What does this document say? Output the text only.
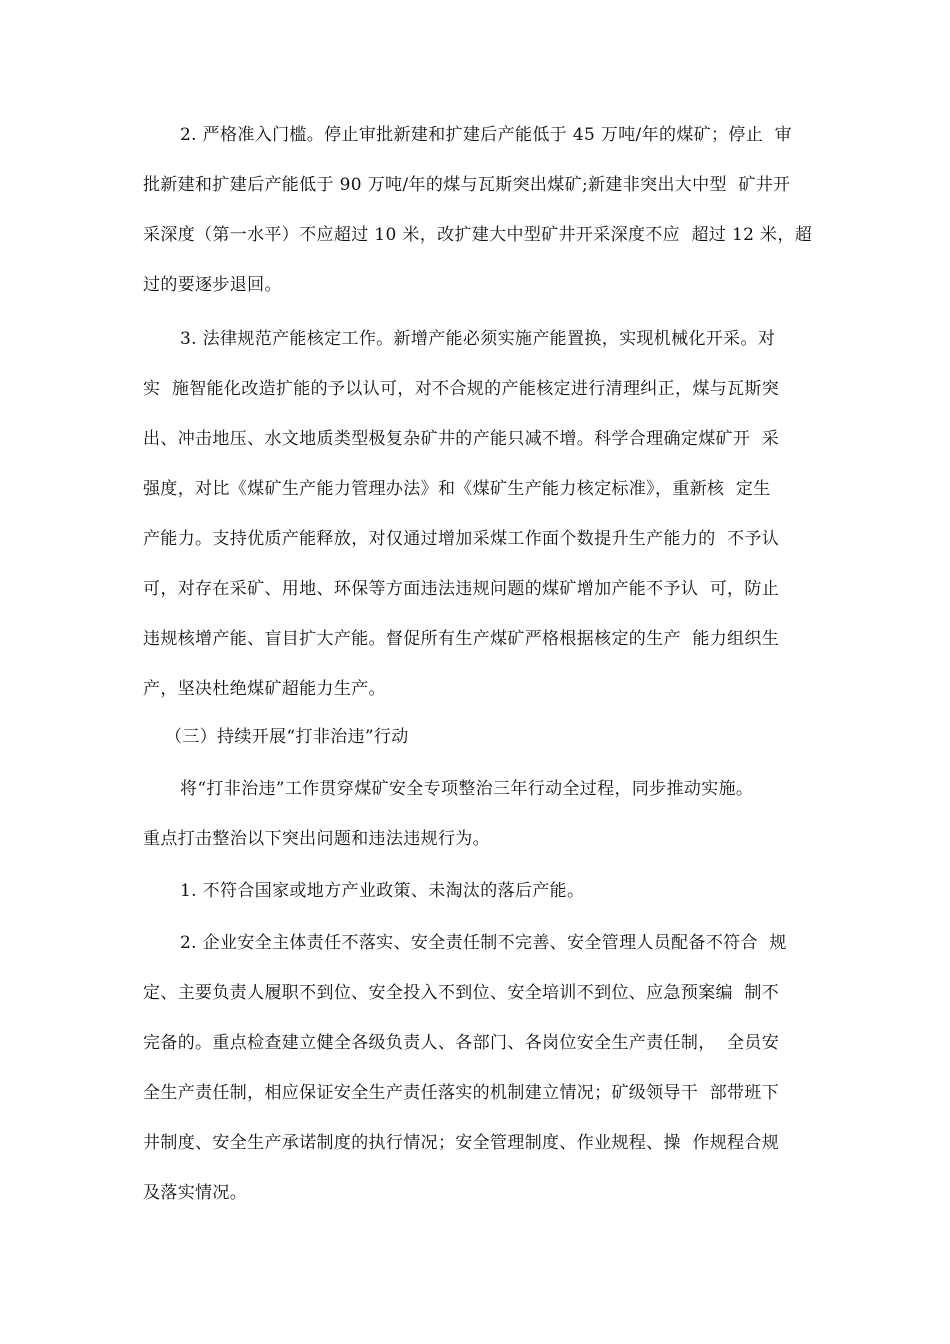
2. 严格准入门槛。停止审批新建和扩建后产能低于 45 万吨/年的煤矿；停止  审
批新建和扩建后产能低于 90 万吨/年的煤与瓦斯突出煤矿;新建非突出大中型  矿井开
采深度（第一水平）不应超过 10 米，改扩建大中型矿井开采深度不应  超过 12 米，超
过的要逐步退回。
3. 法律规范产能核定工作。新增产能必须实施产能置换，实现机械化开采。对
实  施智能化改造扩能的予以认可，对不合规的产能核定进行清理纠正，煤与瓦斯突
出、冲击地压、水文地质类型极复杂矿井的产能只减不增。科学合理确定煤矿开  采
强度，对比《煤矿生产能力管理办法》和《煤矿生产能力核定标准》，重新核  定生
产能力。支持优质产能释放，对仅通过增加采煤工作面个数提升生产能力的  不予认
可，对存在采矿、用地、环保等方面违法违规问题的煤矿增加产能不予认  可，防止
违规核增产能、盲目扩大产能。督促所有生产煤矿严格根据核定的生产  能力组织生
产，坚决杜绝煤矿超能力生产。
（三）持续开展“打非治违”行动
将“打非治违”工作贯穿煤矿安全专项整治三年行动全过程，同步推动实施。
重点打击整治以下突出问题和违法违规行为。
1. 不符合国家或地方产业政策、未淘汰的落后产能。
2. 企业安全主体责任不落实、安全责任制不完善、安全管理人员配备不符合  规
定、主要负责人履职不到位、安全投入不到位、安全培训不到位、应急预案编  制不
完备的。重点检查建立健全各级负责人、各部门、各岗位安全生产责任制，  全员安
全生产责任制，相应保证安全生产责任落实的机制建立情况；矿级领导干  部带班下
井制度、安全生产承诺制度的执行情况；安全管理制度、作业规程、操  作规程合规
及落实情况。
